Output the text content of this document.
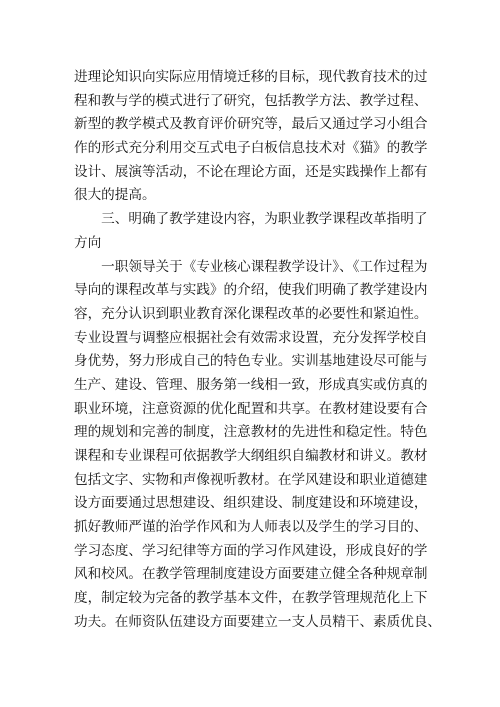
进理论知识向实际应用情境迁移的目标，现代教育技术的过
程和教与学的模式进行了研究，包括教学方法、教学过程、
新型的教学模式及教育评价研究等，最后又通过学习小组合
作的形式充分利用交互式电子白板信息技术对《猫》的教学
设计、展演等活动，不论在理论方面，还是实践操作上都有
很大的提高。
　　三、明确了教学建设内容，为职业教学课程改革指明了
方向
　　一职领导关于《专业核心课程教学设计》、《工作过程为
导向的课程改革与实践》的介绍，使我们明确了教学建设内
容，充分认识到职业教育深化课程改革的必要性和紧迫性。
专业设置与调整应根据社会有效需求设置，充分发挥学校自
身优势，努力形成自己的特色专业。实训基地建设尽可能与
生产、建设、管理、服务第一线相一致，形成真实或仿真的
职业环境，注意资源的优化配置和共享。在教材建设要有合
理的规划和完善的制度，注意教材的先进性和稳定性。特色
课程和专业课程可依据教学大纲组织自编教材和讲义。教材
包括文字、实物和声像视听教材。在学风建设和职业道德建
设方面要通过思想建设、组织建设、制度建设和环境建设，
抓好教师严谨的治学作风和为人师表以及学生的学习目的、
学习态度、学习纪律等方面的学习作风建设，形成良好的学
风和校风。在教学管理制度建设方面要建立健全各种规章制
度，制定较为完备的教学基本文件，在教学管理规范化上下
功夫。在师资队伍建设方面要建立一支人员精干、素质优良、
